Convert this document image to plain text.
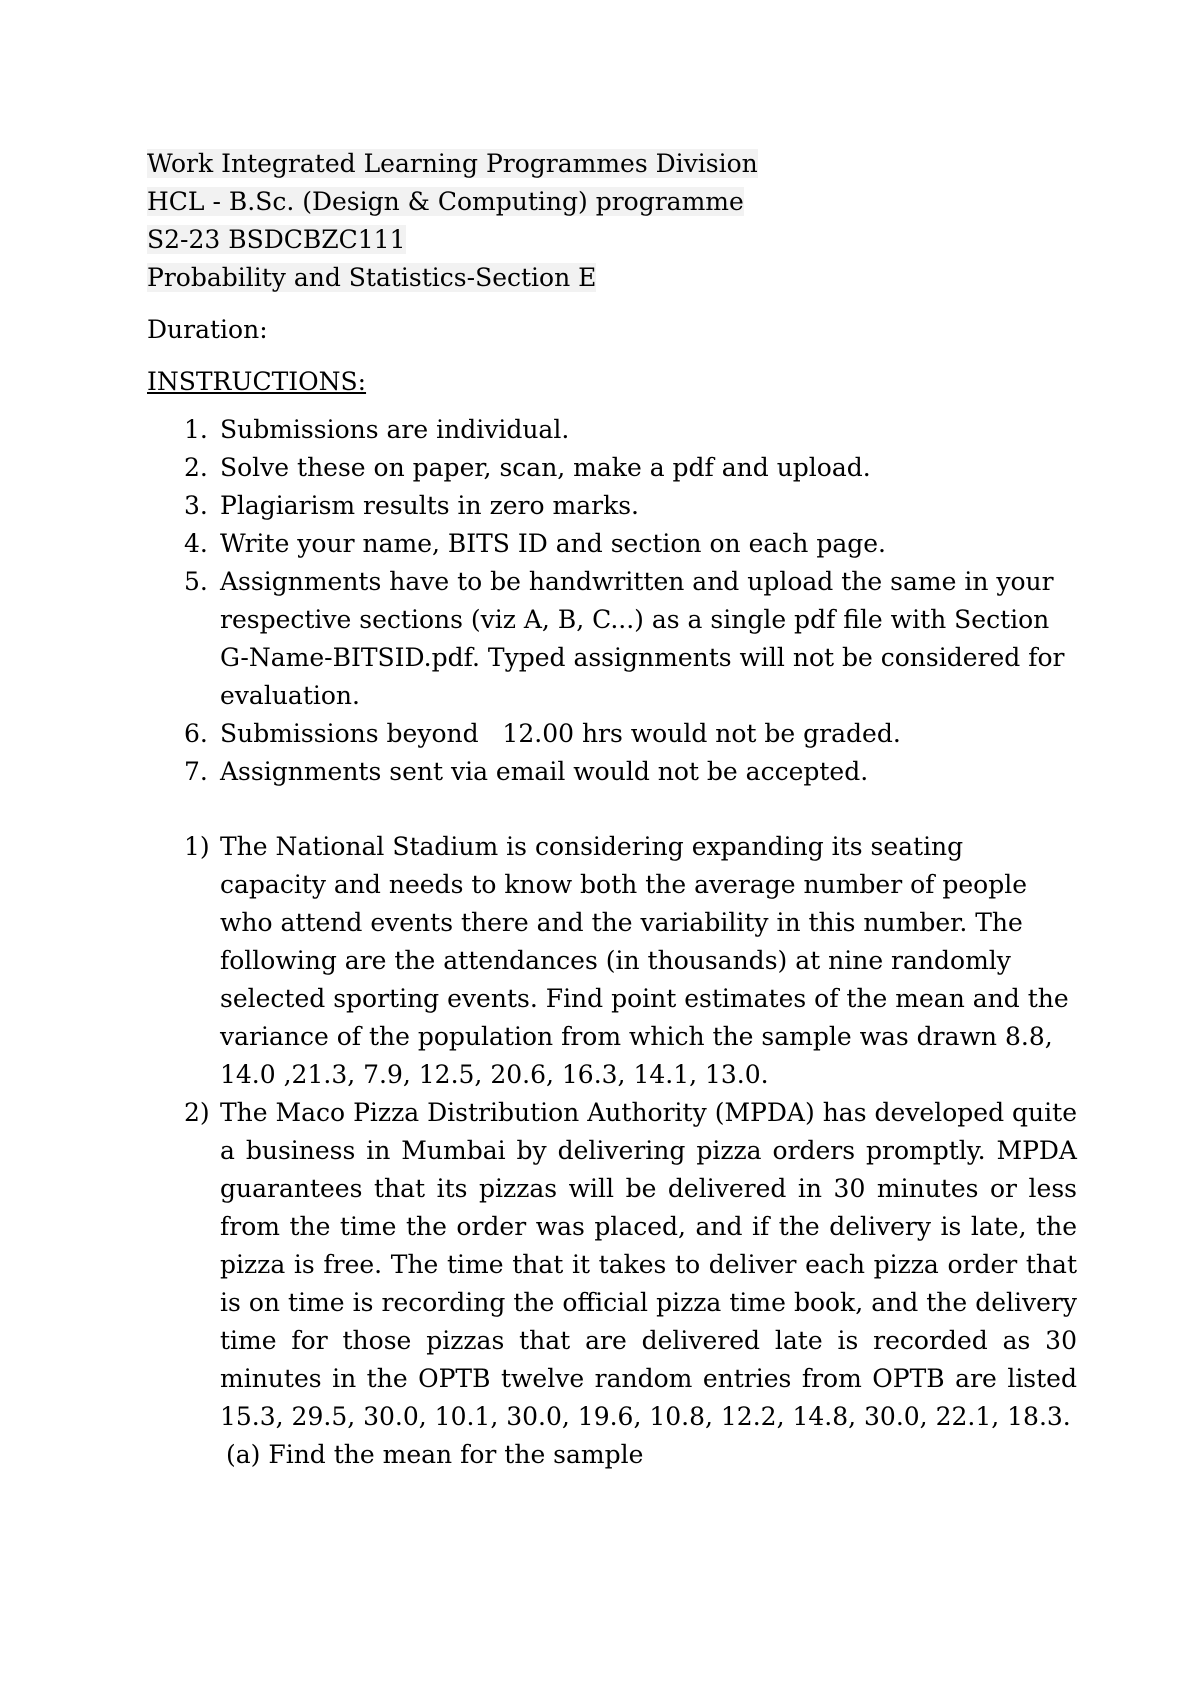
Work Integrated Learning Programmes Division
HCL - B.Sc. (Design & Computing) programme
S2-23 BSDCBZC111
Probability and Statistics-Section E
Duration:
INSTRUCTIONS:
1. Submissions are individual.
2. Solve these on paper, scan, make a pdf and upload.
3. Plagiarism results in zero marks.
4. Write your name, BITS ID and section on each page.
5. Assignments have to be handwritten and upload the same in your respective sections (viz A, B, C...) as a single pdf file with Section G-Name-BITSID.pdf. Typed assignments will not be considered for evaluation.
6. Submissions beyond   12.00 hrs would not be graded.
7. Assignments sent via email would not be accepted.
1) The National Stadium is considering expanding its seating capacity and needs to know both the average number of people who attend events there and the variability in this number. The following are the attendances (in thousands) at nine randomly selected sporting events. Find point estimates of the mean and the variance of the population from which the sample was drawn 8.8, 14.0 ,21.3, 7.9, 12.5, 20.6, 16.3, 14.1, 13.0.
2) The Maco Pizza Distribution Authority (MPDA) has developed quite a business in Mumbai by delivering pizza orders promptly. MPDA guarantees that its pizzas will be delivered in 30 minutes or less from the time the order was placed, and if the delivery is late, the pizza is free. The time that it takes to deliver each pizza order that is on time is recording the official pizza time book, and the delivery time for those pizzas that are delivered late is recorded as 30 minutes in the OPTB twelve random entries from OPTB are listed 15.3, 29.5, 30.0, 10.1, 30.0, 19.6, 10.8, 12.2, 14.8, 30.0, 22.1, 18.3.
(a) Find the mean for the sample
